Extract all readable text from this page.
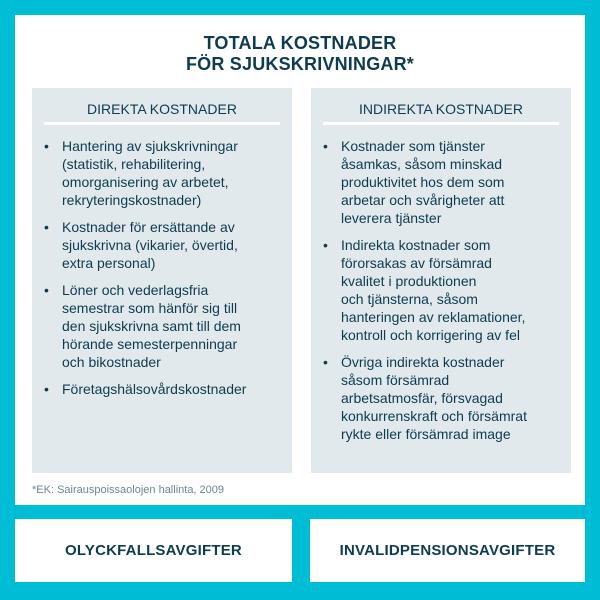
TOTALA KOSTNADER
FÖR SJUKSKRIVNINGAR*
DIREKTA KOSTNADER
• Hantering av sjukskrivningar
(statistik, rehabilitering,
omorganisering av arbetet,
rekryteringskostnader)
• Kostnader för ersättande av
sjukskrivna (vikarier, övertid,
extra personal)
• Löner och vederlagsfria
semestrar som hänför sig till
den sjukskrivna samt till dem
hörande semesterpenningar
och bikostnader
• Företagshälsovårdskostnader
INDIREKTA KOSTNADER
• Kostnader som tjänster
åsamkas, såsom minskad
produktivitet hos dem som
arbetar och svårigheter att
leverera tjänster
• Indirekta kostnader som
förorsakas av försämrad
kvalitet i produktionen
och tjänsterna, såsom
hanteringen av reklamationer,
kontroll och korrigering av fel
• Övriga indirekta kostnader
såsom försämrad
arbetsatmosfär, försvagad
konkurrenskraft och försämrat
rykte eller försämrad image
*EK: Sairauspoissaolojen hallinta, 2009
OLYCKFALLSAVGIFTER	INVALIDPENSIONSAVGIFTER
